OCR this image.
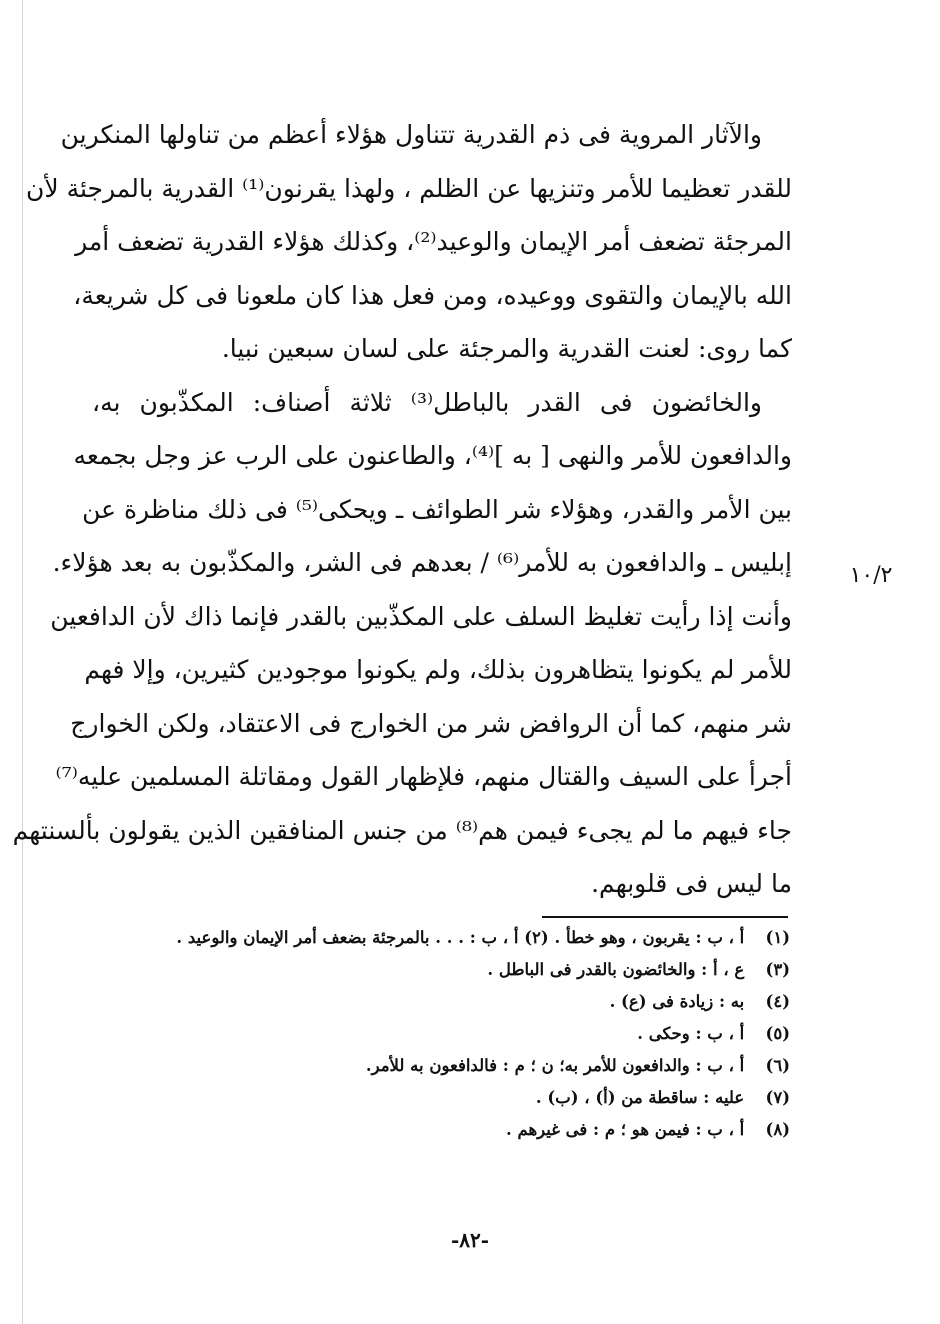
والآثار المروية فى ذم القدرية تتناول هؤلاء أعظم من تناولها المنكرين
للقدر تعظيما للأمر وتنزيها عن الظلم ، ولهذا يقرنون⁽¹⁾ القدرية بالمرجئة لأن
المرجئة تضعف أمر الإيمان والوعيد⁽²⁾، وكذلك هؤلاء القدرية تضعف أمر
الله بالإيمان والتقوى ووعيده، ومن فعل هذا كان ملعونا فى كل شريعة،
كما روى: لعنت القدرية والمرجئة على لسان سبعين نبيا.
والخائضون فى القدر بالباطل⁽³⁾ ثلاثة أصناف: المكذّبون به،
والدافعون للأمر والنهى [ به ]⁽⁴⁾، والطاعنون على الرب عز وجل بجمعه
بين الأمر والقدر، وهؤلاء شر الطوائف ـ ويحكى⁽⁵⁾ فى ذلك مناظرة عن
إبليس ـ والدافعون به للأمر⁽⁶⁾ / بعدهم فى الشر، والمكذّبون به بعد هؤلاء.
وأنت إذا رأيت تغليظ السلف على المكذّبين بالقدر فإنما ذاك لأن الدافعين
للأمر لم يكونوا يتظاهرون بذلك، ولم يكونوا موجودين كثيرين، وإلا فهم
شر منهم، كما أن الروافض شر من الخوارج فى الاعتقاد، ولكن الخوارج
أجرأ على السيف والقتال منهم، فلإظهار القول ومقاتلة المسلمين عليه⁽⁷⁾
جاء فيهم ما لم يجىء فيمن هم⁽⁸⁾ من جنس المنافقين الذين يقولون بألسنتهم
ما ليس فى قلوبهم.
١٠/٢
(١) أ ، ب : يقربون ، وهو خطأ . (٢) أ ، ب : . . . بالمرجئة بضعف أمر الإيمان والوعيد .
(٣) ع ، أ : والخائضون بالقدر فى الباطل .
(٤) به : زيادة فى (ع) .
(٥) أ ، ب : وحكى .
(٦) أ ، ب : والدافعون للأمر به؛ ن ؛ م : فالدافعون به للأمر.
(٧) عليه : ساقطة من (أ) ، (ب) .
(٨) أ ، ب : فيمن هو ؛ م : فى غيرهم .
-٨٢-
